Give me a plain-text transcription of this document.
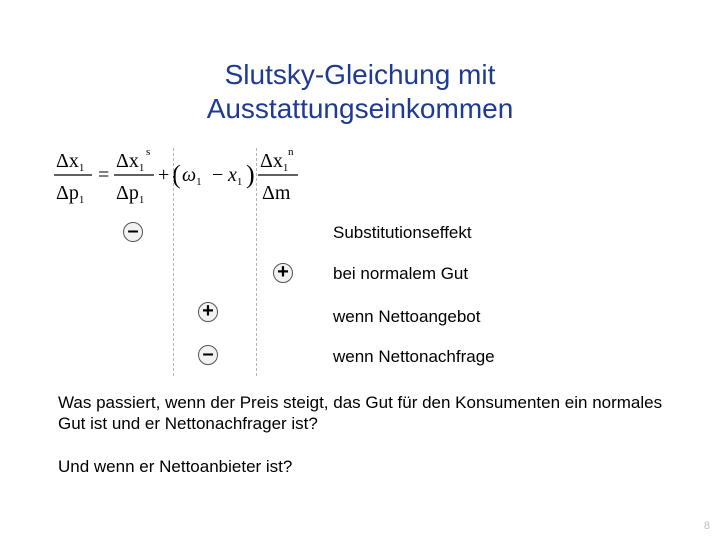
Slutsky-Gleichung mit
Ausstattungseinkommen
$\Delta x_1$
$\Delta p_1$
=
$\Delta x_1$
s
$\Delta p_1$
+ ( $\omega_1 - x_1$ ) $\Delta x_1$
n
Δm
–
+
+
–
Substitutionseffekt
bei normalem Gut
wenn Nettoangebot
wenn Nettonachfrage
Was passiert, wenn der Preis steigt, das Gut für den Konsumenten ein normales Gut ist und er Nettonachfrager ist?
Und wenn er Nettoanbieter ist?
8
